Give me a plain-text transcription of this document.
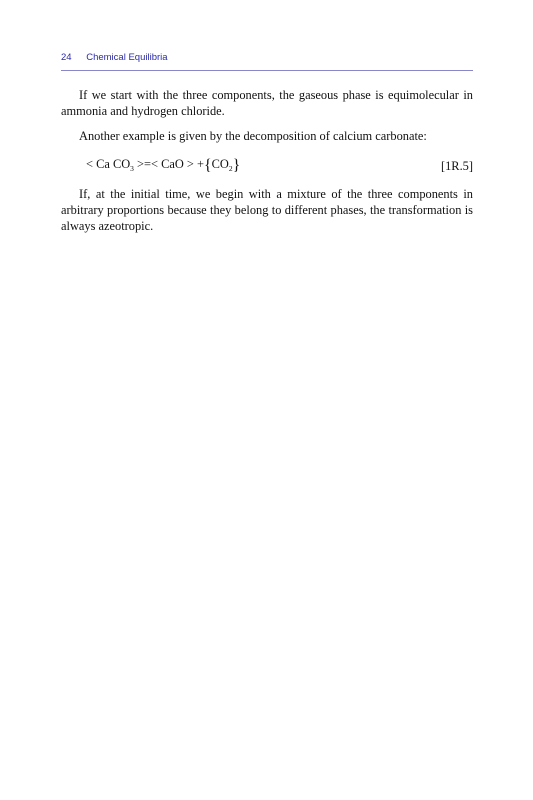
24 Chemical Equilibria

If we start with the three components, the gaseous phase is equimolecular in ammonia and hydrogen chloride.

Another example is given by the decomposition of calcium carbonate:

< Ca $CO_3$ >=< CaO > $+\{CO_2\}$	[1R.5]

If, at the initial time, we begin with a mixture of the three components in arbitrary proportions because they belong to different phases, the transformation is always azeotropic.
